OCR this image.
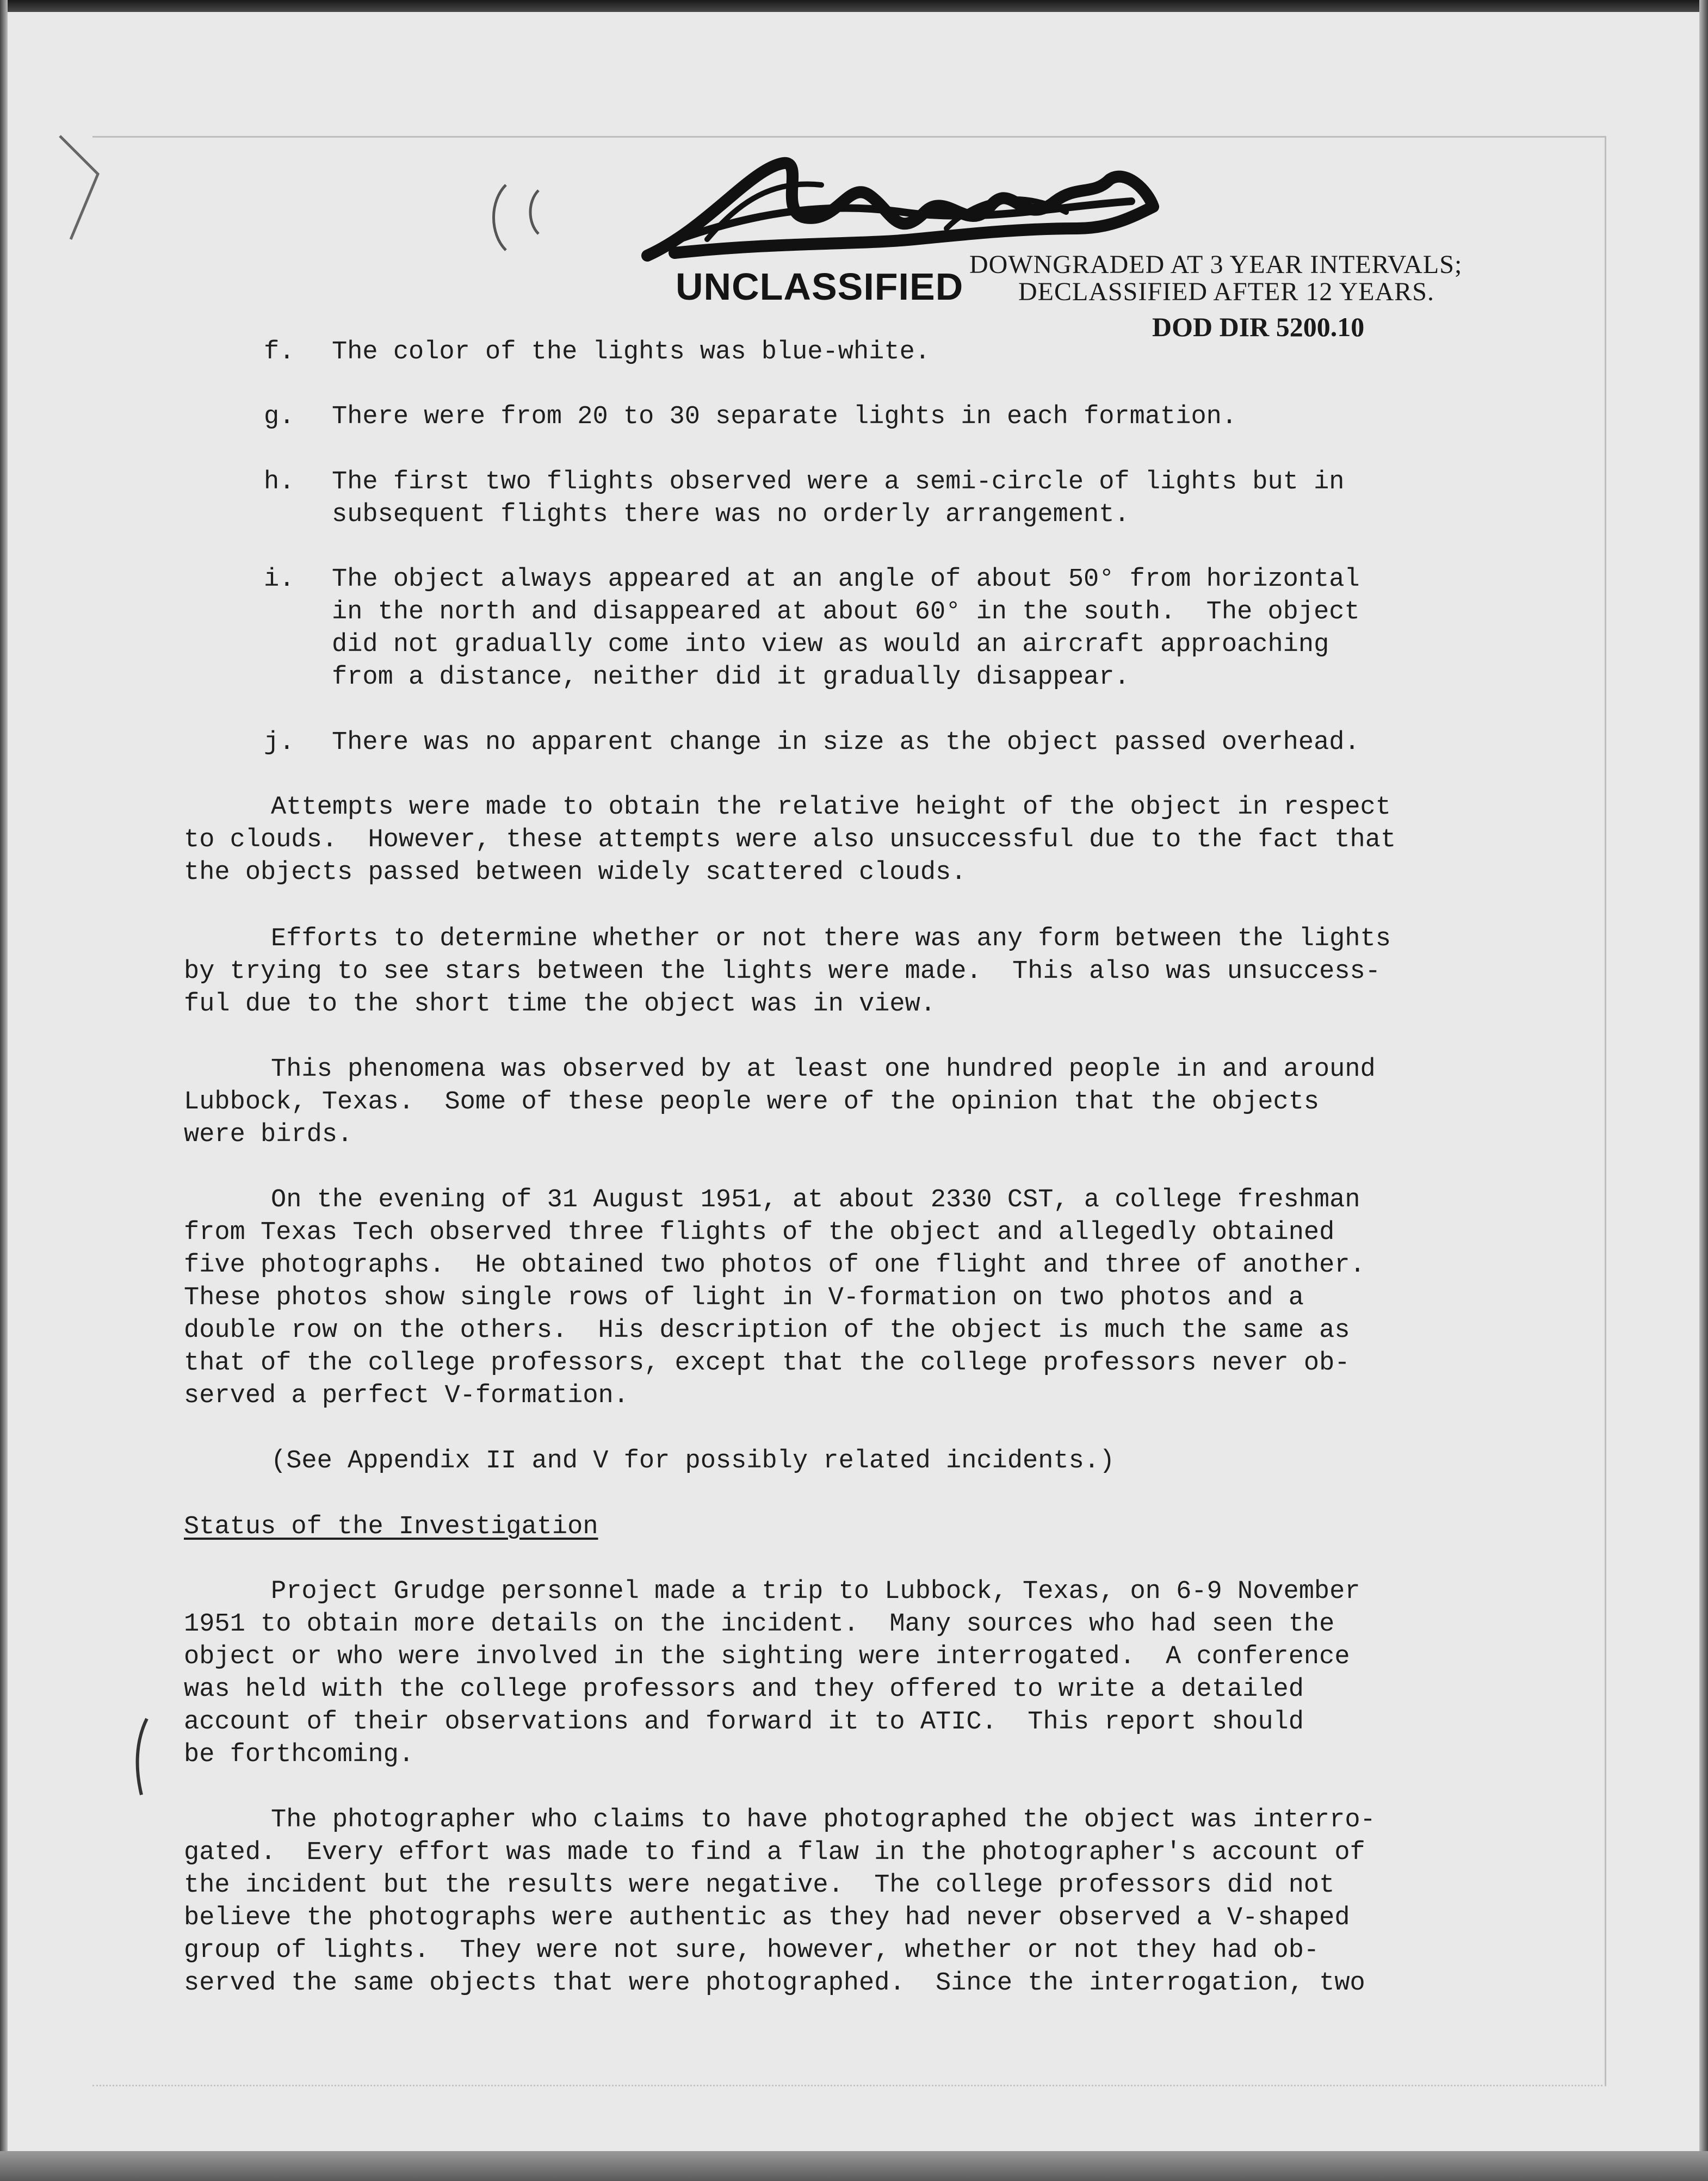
UNCLASSIFIED
DOWNGRADED AT 3 YEAR INTERVALS;
DECLASSIFIED AFTER 12 YEARS.
DOD DIR 5200.10
f. The color of the lights was blue-white.
g. There were from 20 to 30 separate lights in each formation.
h. The first two flights observed were a semi-circle of lights but in
subsequent flights there was no orderly arrangement.
i. The object always appeared at an angle of about 50° from horizontal
in the north and disappeared at about 60° in the south.  The object
did not gradually come into view as would an aircraft approaching
from a distance, neither did it gradually disappear.
j. There was no apparent change in size as the object passed overhead.
Attempts were made to obtain the relative height of the object in respect
to clouds.  However, these attempts were also unsuccessful due to the fact that
the objects passed between widely scattered clouds.
Efforts to determine whether or not there was any form between the lights
by trying to see stars between the lights were made.  This also was unsuccess-
ful due to the short time the object was in view.
This phenomena was observed by at least one hundred people in and around
Lubbock, Texas.  Some of these people were of the opinion that the objects
were birds.
On the evening of 31 August 1951, at about 2330 CST, a college freshman
from Texas Tech observed three flights of the object and allegedly obtained
five photographs.  He obtained two photos of one flight and three of another.
These photos show single rows of light in V-formation on two photos and a
double row on the others.  His description of the object is much the same as
that of the college professors, except that the college professors never ob-
served a perfect V-formation.
(See Appendix II and V for possibly related incidents.)
Status of the Investigation
Project Grudge personnel made a trip to Lubbock, Texas, on 6-9 November
1951 to obtain more details on the incident.  Many sources who had seen the
object or who were involved in the sighting were interrogated.  A conference
was held with the college professors and they offered to write a detailed
account of their observations and forward it to ATIC.  This report should
be forthcoming.
The photographer who claims to have photographed the object was interro-
gated.  Every effort was made to find a flaw in the photographer's account of
the incident but the results were negative.  The college professors did not
believe the photographs were authentic as they had never observed a V-shaped
group of lights.  They were not sure, however, whether or not they had ob-
served the same objects that were photographed.  Since the interrogation, two
